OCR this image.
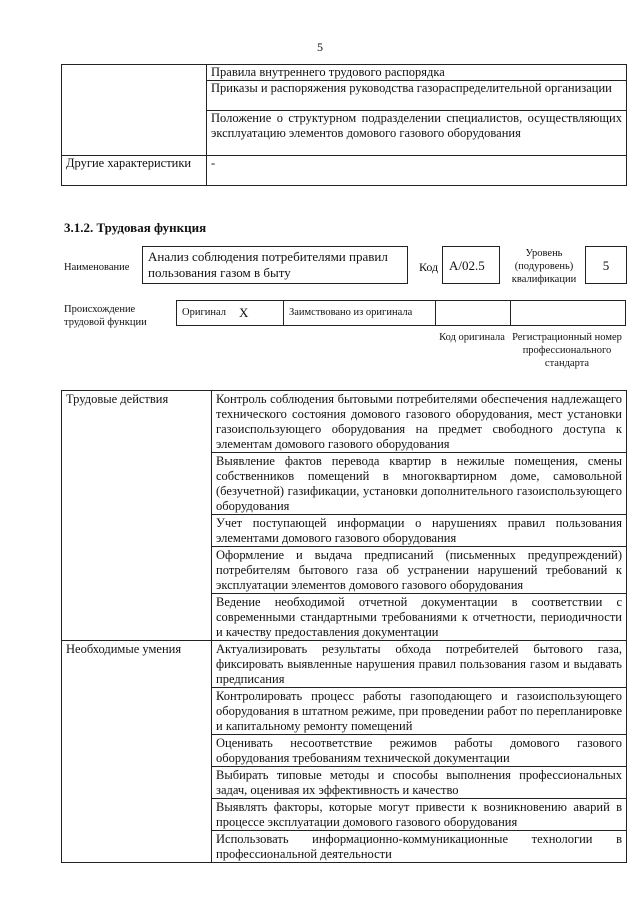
5
	Правила внутреннего трудового распорядка
	Приказы и распоряжения руководства газораспределительной организации
	Положение о структурном подразделении специалистов, осуществляющих эксплуатацию элементов домового газового оборудования
Другие характеристики	-
3.1.2. Трудовая функция
Наименование
Анализ соблюдения потребителями правил пользования газом в быту	Код А/02.5
Уровень (подуровень) квалификации
5
Происхождение трудовой функции
Оригинал X	Заимствовано из оригинала
Код оригинала Регистрационный номер профессионального стандарта
Трудовые действия	Контроль соблюдения бытовыми потребителями обеспечения надлежащего технического состояния домового газового оборудования, мест установки газоиспользующего оборудования на предмет свободного доступа к элементам домового газового оборудования
	Выявление фактов перевода квартир в нежилые помещения, смены собственников помещений в многоквартирном доме, самовольной (безучетной) газификации, установки дополнительного газоиспользующего оборудования
	Учет поступающей информации о нарушениях правил пользования элементами домового газового оборудования
	Оформление и выдача предписаний (письменных предупреждений) потребителям бытового газа об устранении нарушений требований к эксплуатации элементов домового газового оборудования
	Ведение необходимой отчетной документации в соответствии с современными стандартными требованиями к отчетности, периодичности и качеству предоставления документации
Необходимые умения	Актуализировать результаты обхода потребителей бытового газа, фиксировать выявленные нарушения правил пользования газом и выдавать предписания
	Контролировать процесс работы газоподающего и газоиспользующего оборудования в штатном режиме, при проведении работ по перепланировке и капитальному ремонту помещений
	Оценивать несоответствие режимов работы домового газового оборудования требованиям технической документации
	Выбирать типовые методы и способы выполнения профессиональных задач, оценивая их эффективность и качество
	Выявлять факторы, которые могут привести к возникновению аварий в процессе эксплуатации домового газового оборудования
	Использовать информационно-коммуникационные технологии в профессиональной деятельности
